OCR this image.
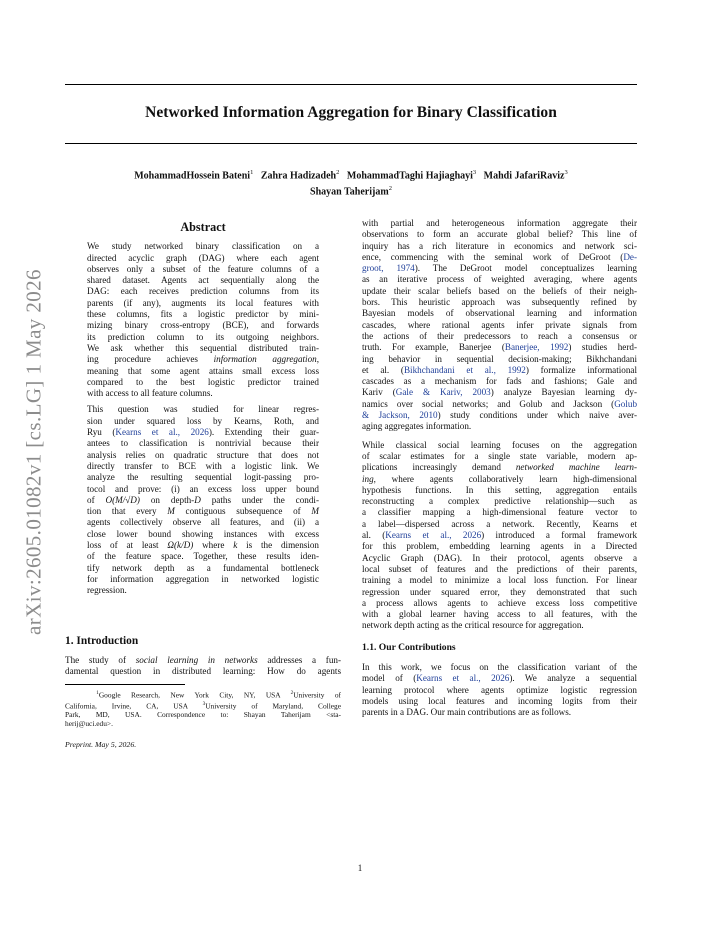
arXiv:2605.01082v1 [cs.LG] 1 May 2026
Networked Information Aggregation for Binary Classification
MohammadHossein Bateni$^1$ Zahra Hadizadeh$^2$ MohammadTaghi Hajiaghayi$^3$ Mahdi JafariRaviz$^3$
Shayan Taherijam$^2$
Abstract

We study networked binary classification on a
directed acyclic graph (DAG) where each agent
observes only a subset of the feature columns of a
shared dataset. Agents act sequentially along the
DAG: each receives prediction columns from its
parents (if any), augments its local features with
these columns, fits a logistic predictor by mini-
mizing binary cross-entropy (BCE), and forwards
its prediction column to its outgoing neighbors.
We ask whether this sequential distributed train-
ing procedure achieves information aggregation,
meaning that some agent attains small excess loss
compared to the best logistic predictor trained
with access to all feature columns.

This question was studied for linear regres-
sion under squared loss by Kearns, Roth, and
Ryu (Kearns et al., 2026). Extending their guar-
antees to classification is nontrivial because their
analysis relies on quadratic structure that does not
directly transfer to BCE with a logistic link. We
analyze the resulting sequential logit-passing pro-
tocol and prove: (i) an excess loss upper bound
of O(M/√D) on depth-D paths under the condi-
tion that every M contiguous subsequence of M
agents collectively observe all features, and (ii) a
close lower bound showing instances with excess
loss of at least Ω(k/D) where k is the dimension
of the feature space. Together, these results iden-
tify network depth as a fundamental bottleneck
for information aggregation in networked logistic
regression.

1. Introduction

The study of social learning in networks addresses a fun-
damental question in distributed learning: How do agents

$^1$Google Research, New York City, NY, USA $^2$University of
California, Irvine, CA, USA $^3$University of Maryland, College
Park, MD, USA. Correspondence to: Shayan Taherijam <sta-
herij@uci.edu>.

Preprint. May 5, 2026.

with partial and heterogeneous information aggregate their
observations to form an accurate global belief? This line of
inquiry has a rich literature in economics and network sci-
ence, commencing with the seminal work of DeGroot (De-
groot, 1974). The DeGroot model conceptualizes learning
as an iterative process of weighted averaging, where agents
update their scalar beliefs based on the beliefs of their neigh-
bors. This heuristic approach was subsequently refined by
Bayesian models of observational learning and information
cascades, where rational agents infer private signals from
the actions of their predecessors to reach a consensus or
truth. For example, Banerjee (Banerjee, 1992) studies herd-
ing behavior in sequential decision-making; Bikhchandani
et al. (Bikhchandani et al., 1992) formalize informational
cascades as a mechanism for fads and fashions; Gale and
Kariv (Gale & Kariv, 2003) analyze Bayesian learning dy-
namics over social networks; and Golub and Jackson (Golub
& Jackson, 2010) study conditions under which naive aver-
aging aggregates information.

While classical social learning focuses on the aggregation
of scalar estimates for a single state variable, modern ap-
plications increasingly demand networked machine learn-
ing, where agents collaboratively learn high-dimensional
hypothesis functions. In this setting, aggregation entails
reconstructing a complex predictive relationship—such as
a classifier mapping a high-dimensional feature vector to
a label—dispersed across a network. Recently, Kearns et
al. (Kearns et al., 2026) introduced a formal framework
for this problem, embedding learning agents in a Directed
Acyclic Graph (DAG). In their protocol, agents observe a
local subset of features and the predictions of their parents,
training a model to minimize a local loss function. For linear
regression under squared error, they demonstrated that such
a process allows agents to achieve excess loss competitive
with a global learner having access to all features, with the
network depth acting as the critical resource for aggregation.

1.1. Our Contributions

In this work, we focus on the classification variant of the
model of (Kearns et al., 2026). We analyze a sequential
learning protocol where agents optimize logistic regression
models using local features and incoming logits from their
parents in a DAG. Our main contributions are as follows.

1
